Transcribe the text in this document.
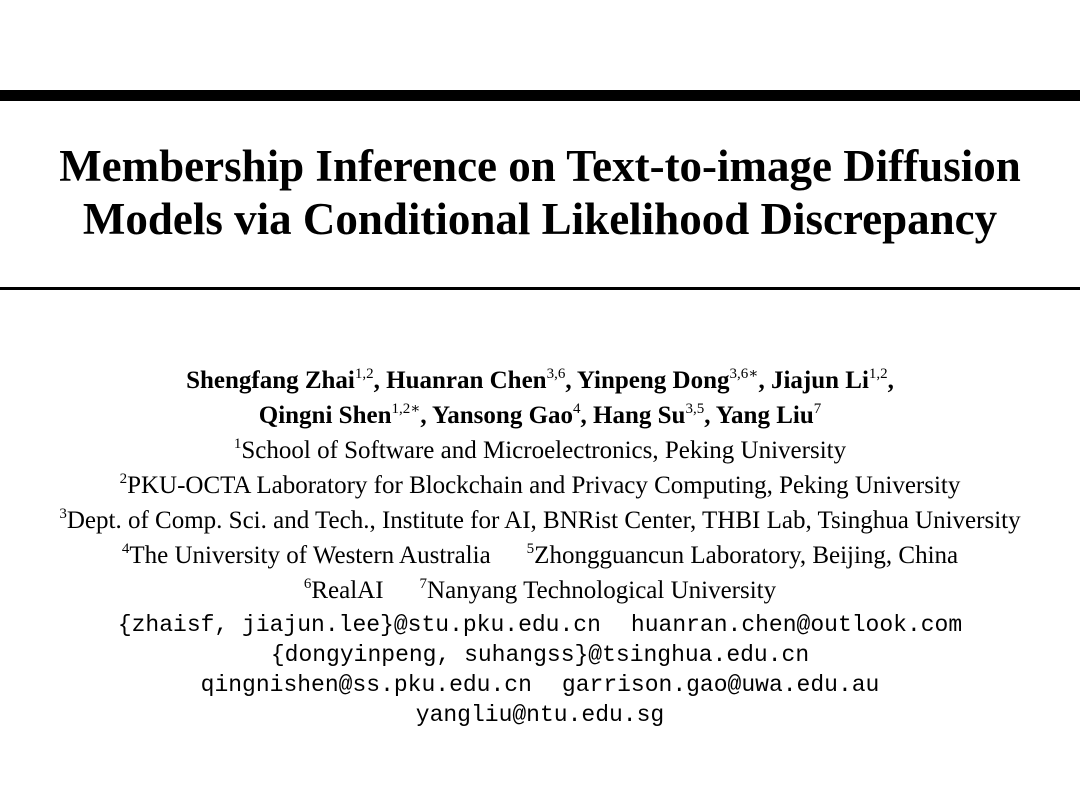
Membership Inference on Text-to-image Diffusion
Models via Conditional Likelihood Discrepancy
Shengfang Zhai$^{1,2}$, Huanran Chen$^{3,6}$, Yinpeng Dong$^{3,6∗}$, Jiajun Li$^{1,2}$,
Qingni Shen$^{1,2∗}$, Yansong Gao$^4$, Hang Su$^{3,5}$, Yang Liu$^7$
$^1$School of Software and Microelectronics, Peking University
$^2$PKU-OCTA Laboratory for Blockchain and Privacy Computing, Peking University
$^3$Dept. of Comp. Sci. and Tech., Institute for AI, BNRist Center, THBI Lab, Tsinghua University
$^4$The University of Western Australia $^5$Zhongguancun Laboratory, Beijing, China
$^6$RealAI $^7$Nanyang Technological University
{zhaisf, jiajun.lee}@stu.pku.edu.cn huanran.chen@outlook.com
{dongyinpeng, suhangss}@tsinghua.edu.cn
qingnishen@ss.pku.edu.cn garrison.gao@uwa.edu.au
yangliu@ntu.edu.sg
